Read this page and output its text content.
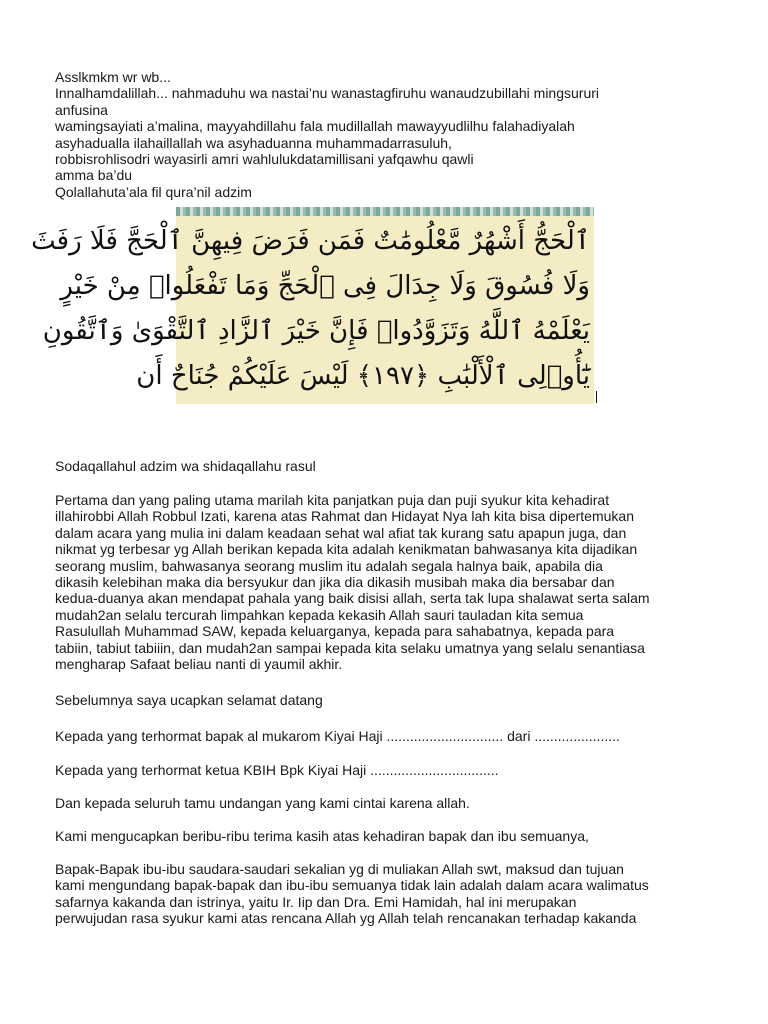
Asslkmkm wr wb...

Innalhamdalillah... nahmaduhu wa nastai’nu wanastagfiruhu wanaudzubillahi mingsururi

anfusina

wamingsayiati a’malina, mayyahdillahu fala mudillallah mawayyudlilhu falahadiyalah

asyhadualla ilahaillallah wa asyhaduanna muhammadarrasuluh,

robbisrohlisodri wayasirli amri wahlulukdatamillisani yafqawhu qawli

amma ba’du

Qolallahuta’ala fil qura’nil adzim

ٱلْحَجُّ أَشْهُرٌ مَّعْلُومَٰتٌ فَمَن فَرَضَ فِيهِنَّ ٱلْحَجَّ فَلَا رَفَثَ
وَلَا فُسُوقَ وَلَا جِدَالَ فِى ٱلْحَجِّ وَمَا تَفْعَلُوا۟ مِنْ خَيْرٍ
يَعْلَمْهُ ٱللَّهُ وَتَزَوَّدُوا۟ فَإِنَّ خَيْرَ ٱلزَّادِ ٱلتَّقْوَىٰ وَٱتَّقُونِ
يَٰٓأُو۟لِى ٱلْأَلْبَٰبِ ﴿١٩٧﴾ لَيْسَ عَلَيْكُمْ جُنَاحٌ أَن

Sodaqallahul adzim wa shidaqallahu rasul

Pertama dan yang paling utama marilah kita panjatkan puja dan puji syukur kita kehadirat

illahirobbi Allah Robbul Izati, karena atas Rahmat dan Hidayat Nya lah kita bisa dipertemukan

dalam acara yang mulia ini dalam keadaan sehat wal afiat tak kurang satu apapun juga, dan

nikmat yg terbesar yg Allah berikan kepada kita adalah kenikmatan bahwasanya kita dijadikan

seorang muslim, bahwasanya seorang muslim itu adalah segala halnya baik, apabila dia

dikasih kelebihan maka dia bersyukur dan jika dia dikasih musibah maka dia bersabar dan

kedua-duanya akan mendapat pahala yang baik disisi allah, serta tak lupa shalawat serta salam

mudah2an selalu tercurah limpahkan kepada kekasih Allah sauri tauladan kita semua

Rasulullah Muhammad SAW, kepada keluarganya, kepada para sahabatnya, kepada para

tabiin, tabiut tabiiin, dan mudah2an sampai kepada kita selaku umatnya yang selalu senantiasa

mengharap Safaat beliau nanti di yaumil akhir.

Sebelumnya saya ucapkan selamat datang

Kepada yang terhormat bapak al mukarom Kiyai Haji .............................. dari ......................

Kepada yang terhormat ketua KBIH Bpk Kiyai Haji .................................

Dan kepada seluruh tamu undangan yang kami cintai karena allah.

Kami mengucapkan beribu-ribu terima kasih atas kehadiran bapak dan ibu semuanya,

Bapak-Bapak ibu-ibu saudara-saudari sekalian yg di muliakan Allah swt, maksud dan tujuan

kami mengundang bapak-bapak dan ibu-ibu semuanya tidak lain adalah dalam acara walimatus

safarnya kakanda dan istrinya, yaitu Ir. Iip dan Dra. Emi Hamidah, hal ini merupakan

perwujudan rasa syukur kami atas rencana Allah yg Allah telah rencanakan terhadap kakanda
